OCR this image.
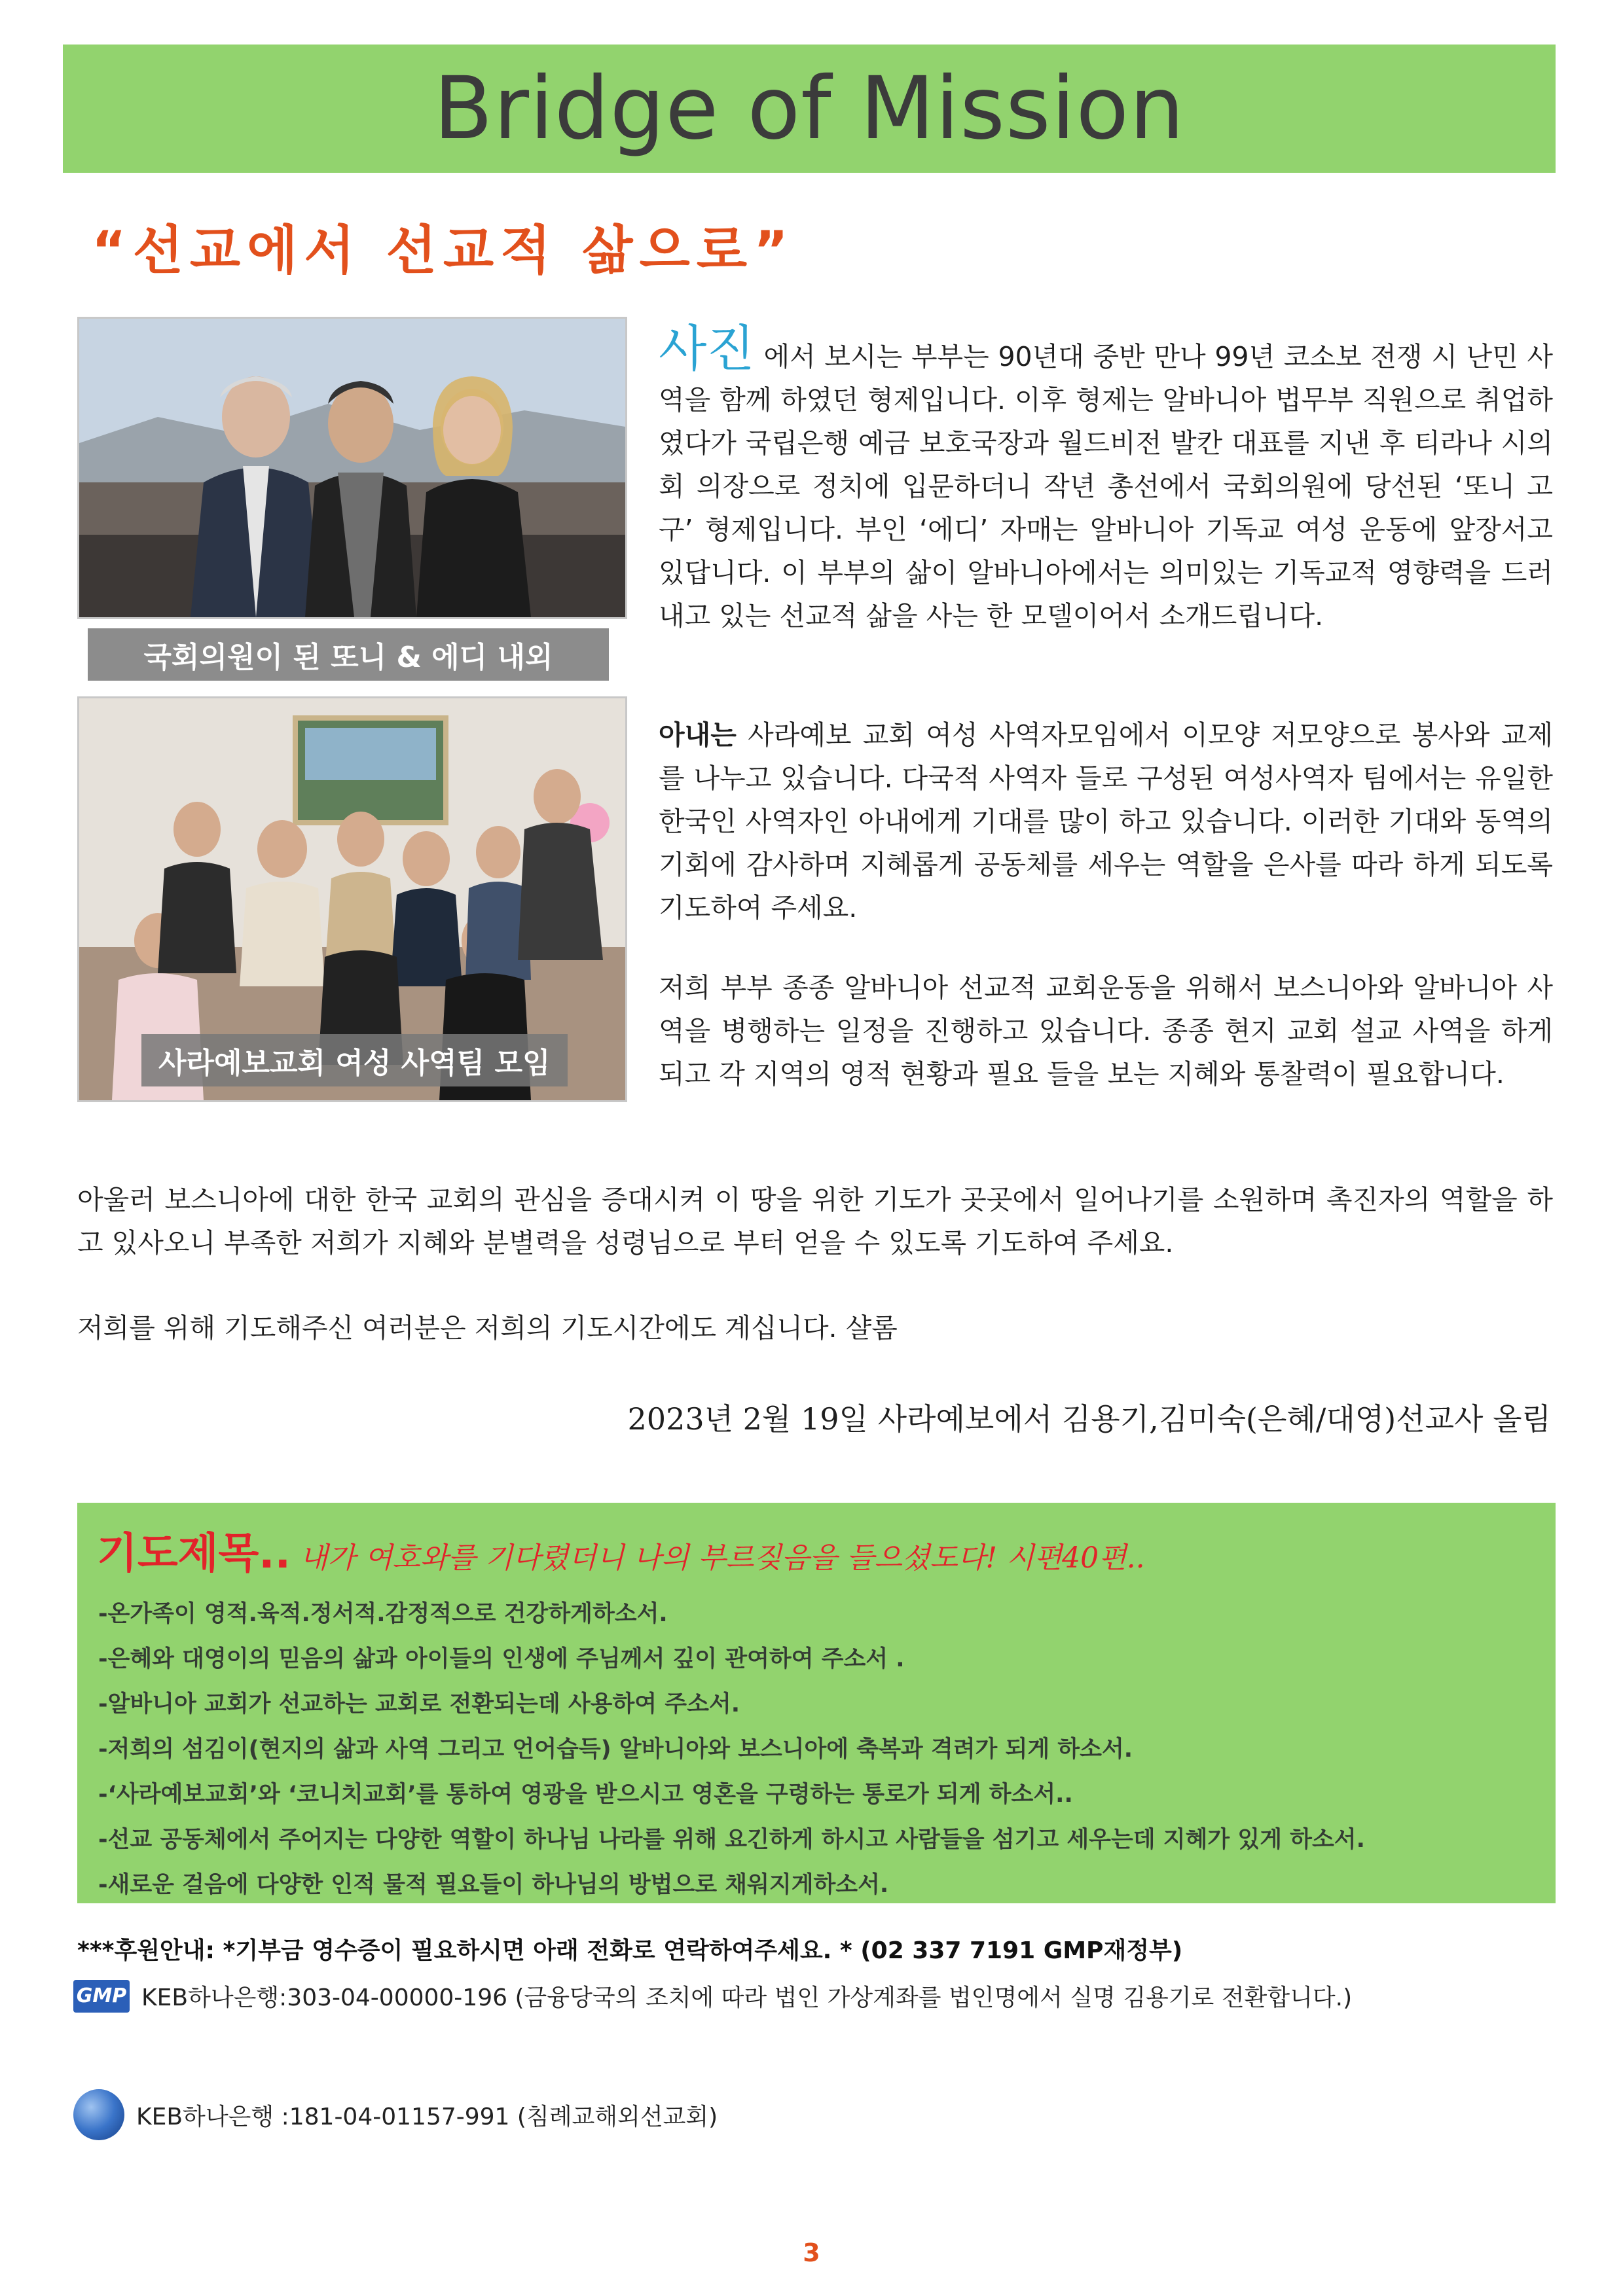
Bridge of Mission
“선교에서 선교적 삶으로”
국회의원이 된 또니 & 에디 내외
사라예보교회 여성 사역팀 모임
사진 에서 보시는 부부는 90년대 중반 만나 99년 코소보 전쟁 시 난민 사역을 함께 하였던 형제입니다. 이후 형제는 알바니아 법무부 직원으로 취업하였다가 국립은행 예금 보호국장과 월드비전 발칸 대표를 지낸 후 티라나 시의회 의장으로 정치에 입문하더니 작년 총선에서 국회의원에 당선된 ‘또니 고구’ 형제입니다. 부인 ‘에디’ 자매는 알바니아 기독교 여성 운동에 앞장서고 있답니다. 이 부부의 삶이 알바니아에서는 의미있는 기독교적 영향력을 드러내고 있는 선교적 삶을 사는 한 모델이어서 소개드립니다.
아내는 사라예보 교회 여성 사역자모임에서 이모양 저모양으로 봉사와 교제를 나누고 있습니다. 다국적 사역자 들로 구성된 여성사역자 팀에서는 유일한 한국인 사역자인 아내에게 기대를 많이 하고 있습니다. 이러한 기대와 동역의 기회에 감사하며 지혜롭게 공동체를 세우는 역할을 은사를 따라 하게 되도록 기도하여 주세요.
저희 부부 종종 알바니아 선교적 교회운동을 위해서 보스니아와 알바니아 사역을 병행하는 일정을 진행하고 있습니다. 종종 현지 교회 설교 사역을 하게 되고 각 지역의 영적 현황과 필요 들을 보는 지혜와 통찰력이 필요합니다.
아울러 보스니아에 대한 한국 교회의 관심을 증대시켜 이 땅을 위한 기도가 곳곳에서 일어나기를 소원하며 촉진자의 역할을 하고 있사오니 부족한 저희가 지혜와 분별력을 성령님으로 부터 얻을 수 있도록 기도하여 주세요.
저희를 위해 기도해주신 여러분은 저희의 기도시간에도 계십니다. 샬롬
2023년 2월 19일 사라예보에서 김용기,김미숙(은혜/대영)선교사 올림
기도제목.. 내가 여호와를 기다렸더니 나의 부르짖음을 들으셨도다! 시편40편..
-온가족이 영적.육적.정서적.감정적으로 건강하게하소서.
-은혜와 대영이의 믿음의 삶과 아이들의 인생에 주님께서 깊이 관여하여 주소서 .
-알바니아 교회가 선교하는 교회로 전환되는데 사용하여 주소서.
-저희의 섬김이(현지의 삶과 사역 그리고 언어습득) 알바니아와 보스니아에 축복과 격려가 되게 하소서.
-‘사라예보교회’와 ‘코니치교회’를 통하여 영광을 받으시고 영혼을 구령하는 통로가 되게 하소서..
-선교 공동체에서 주어지는 다양한 역할이 하나님 나라를 위해 요긴하게 하시고 사람들을 섬기고 세우는데 지혜가 있게 하소서.
-새로운 걸음에 다양한 인적 물적 필요들이 하나님의 방법으로 채워지게하소서.
***후원안내: *기부금 영수증이 필요하시면 아래 전화로 연락하여주세요. * (02 337 7191 GMP재정부)
GMP KEB하나은행:303-04-00000-196 (금융당국의 조치에 따라 법인 가상계좌를 법인명에서 실명 김용기로 전환합니다.)
KEB하나은행 :181-04-01157-991 (침례교해외선교회)
3
